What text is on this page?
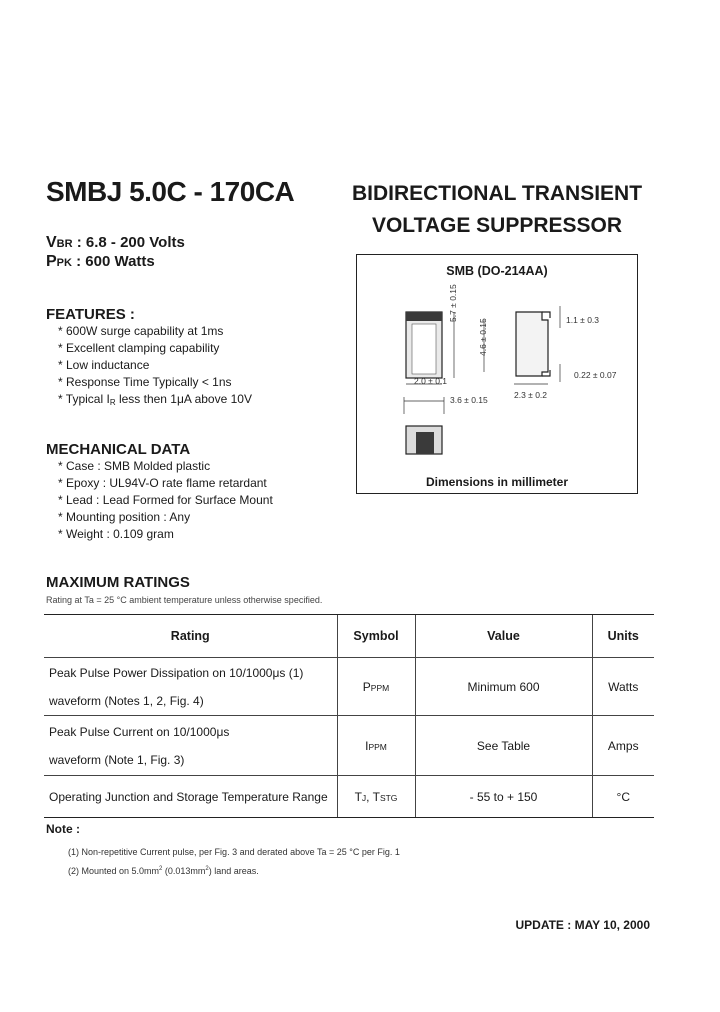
SMBJ 5.0C - 170CA	BIDIRECTIONAL TRANSIENT
VOLTAGE SUPPRESSOR
VBR : 6.8 - 200 Volts
PPK : 600 Watts
FEATURES :
* 600W surge capability at 1ms
* Excellent clamping capability
* Low inductance
* Response Time Typically < 1ns
* Typical IR less then 1μA above 10V
MECHANICAL DATA
* Case : SMB Molded plastic
* Epoxy : UL94V-O rate flame retardant
* Lead : Lead Formed for Surface Mount
* Mounting position : Any
* Weight : 0.109 gram
SMB (DO-214AA)
5.7 ± 0.15
4.6 ± 0.15
2.0 ± 0.1
3.6 ± 0.15	2.3 ± 0.2
1.1 ± 0.3
0.22 ± 0.07
Dimensions in millimeter
MAXIMUM RATINGS
Rating at Ta = 25 °C ambient temperature unless otherwise specified.
Rating	Symbol	Value	Units

Peak Pulse Power Dissipation on 10/1000μs (1)
waveform (Notes 1, 2, Fig. 4)	PPPM	Minimum 600	Watts

Peak Pulse Current on 10/1000μs
waveform (Note 1, Fig. 3)	IPPM	See Table	Amps

Operating Junction and Storage Temperature Range	TJ, TSTG	- 55 to + 150	°C
Note :
(1) Non-repetitive Current pulse, per Fig. 3 and derated above Ta = 25 °C per Fig. 1
(2) Mounted on $5.0mm^2$ $(0.013mm^2)$ land areas.
UPDATE : MAY 10, 2000
